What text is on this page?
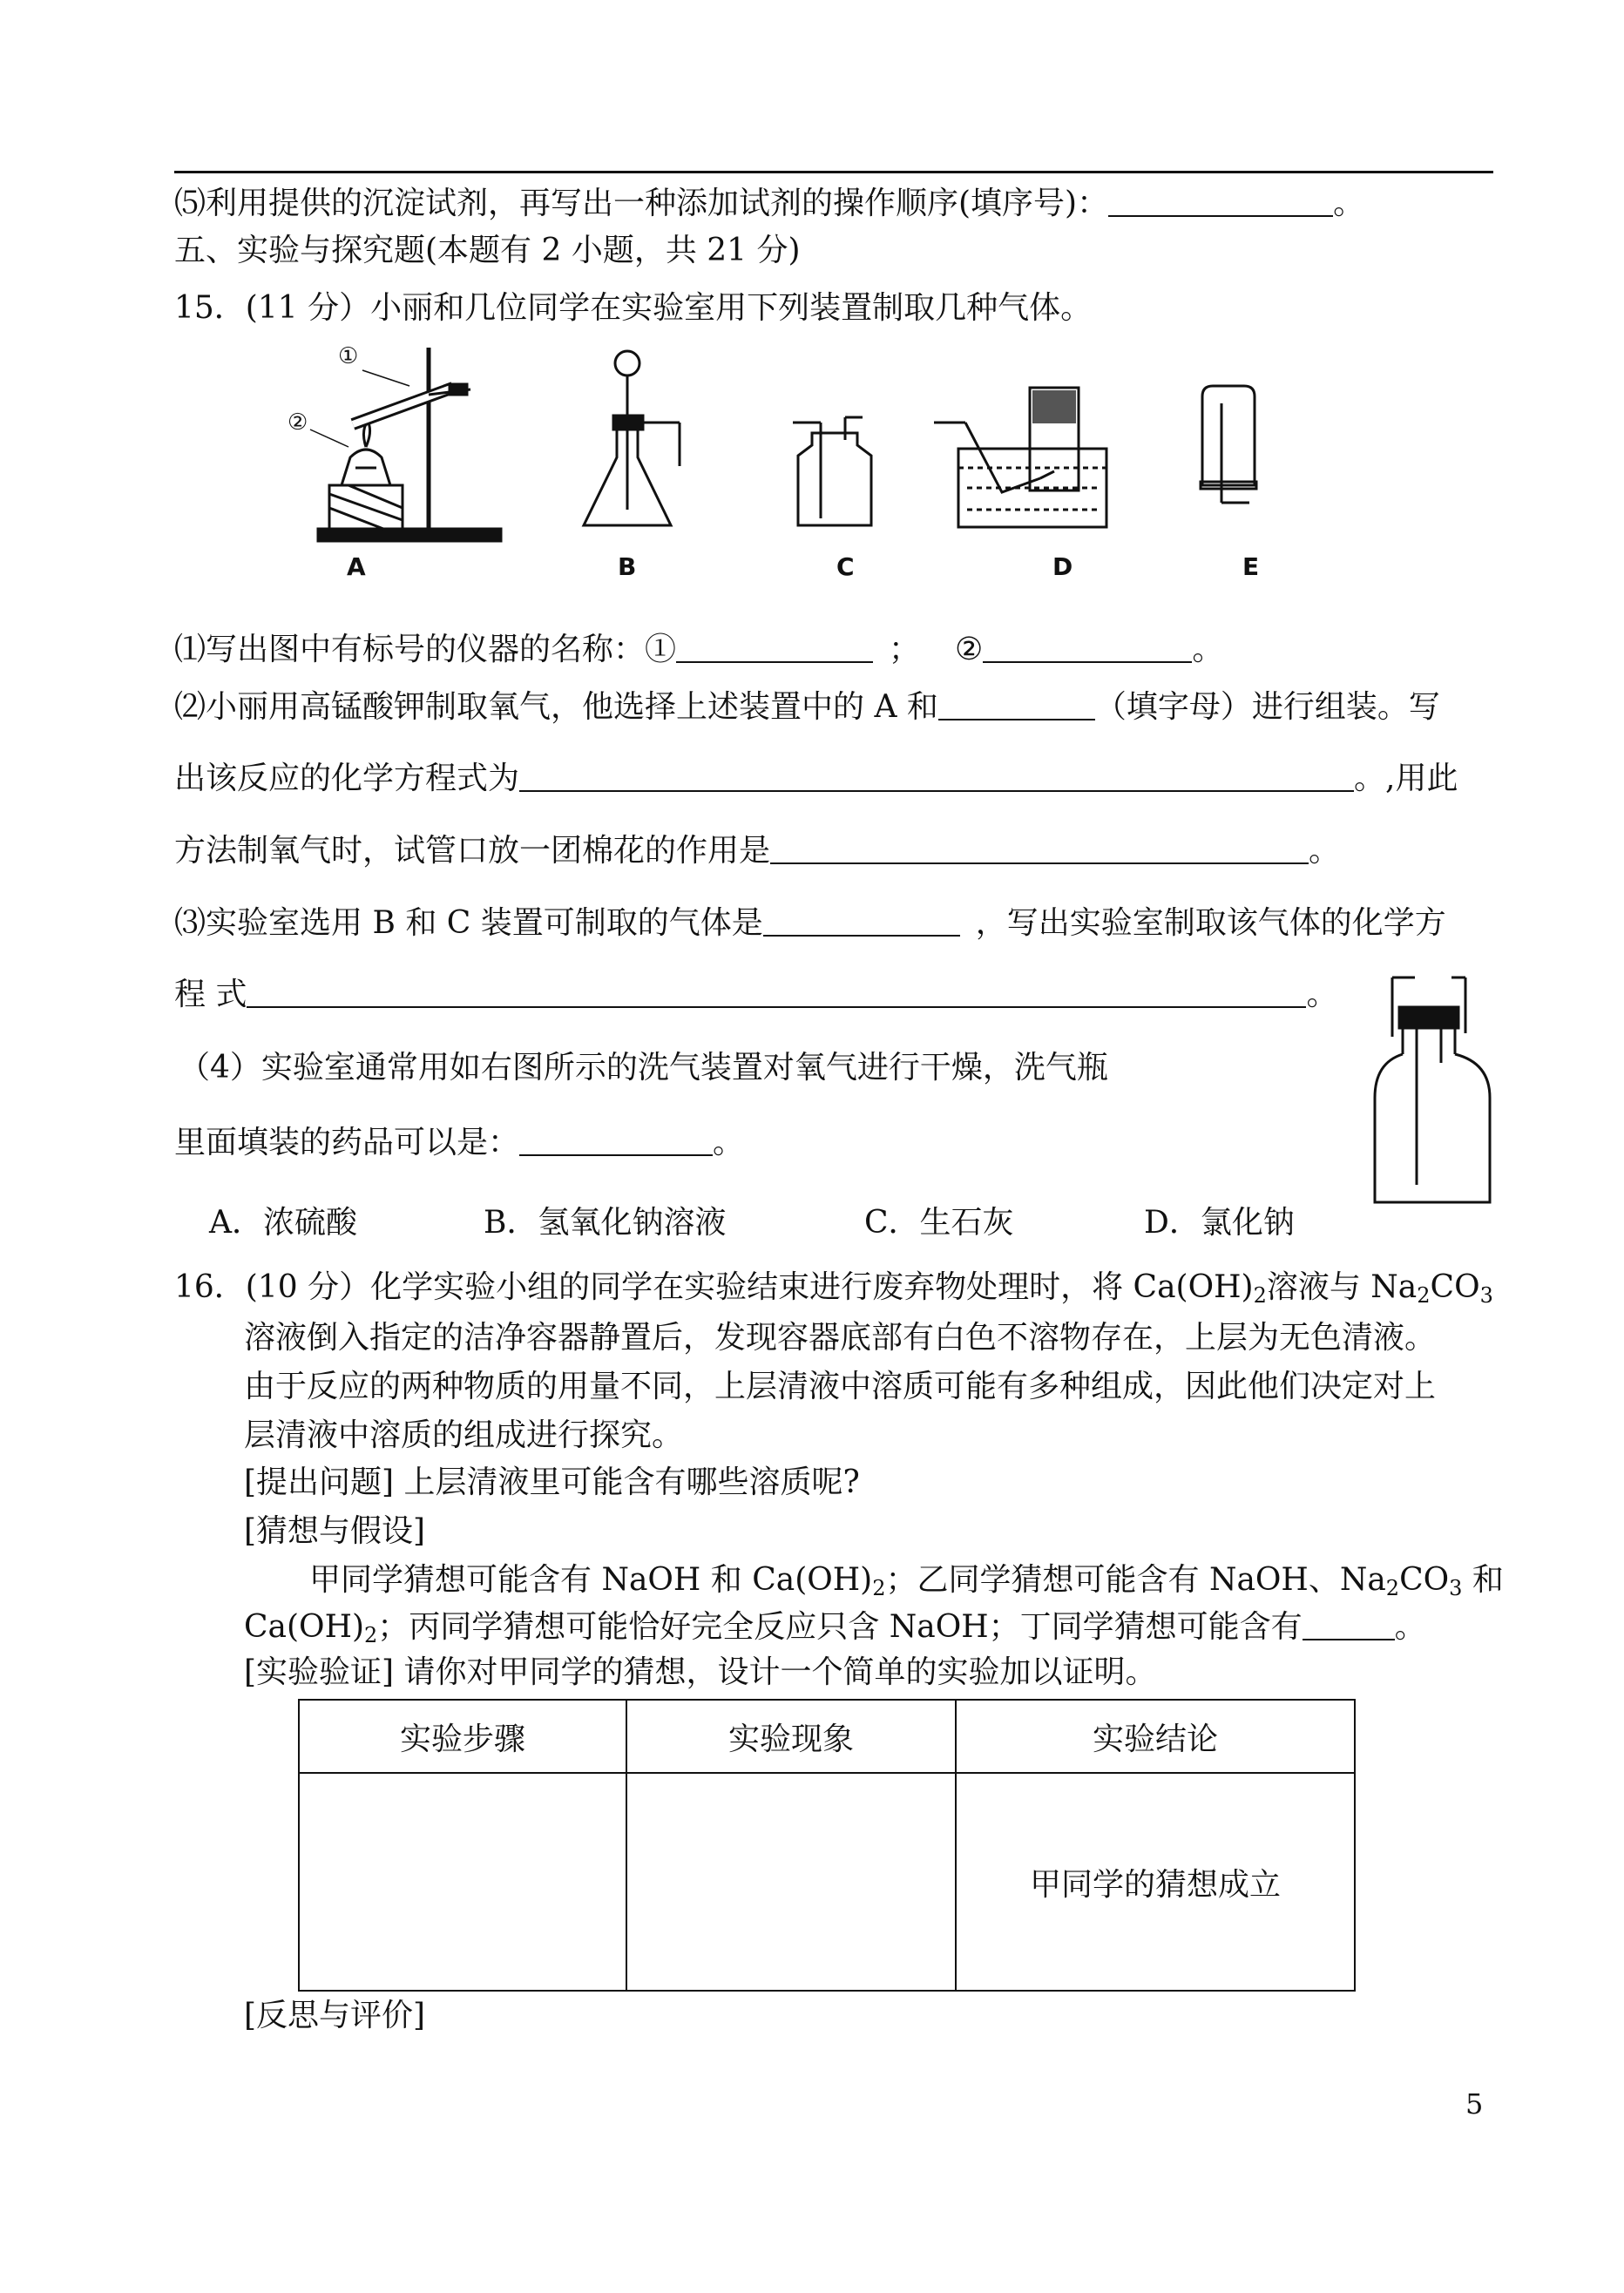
⑸利用提供的沉淀试剂，再写出一种添加试剂的操作顺序(填序号)：	。
五、实验与探究题(本题有 2 小题，共 21 分)
15．(11 分）小丽和几位同学在实验室用下列装置制取几种气体。
①
②
A	B	C	D	E
⑴写出图中有标号的仪器的名称：①	； ②	。
⑵小丽用高锰酸钾制取氧气，他选择上述装置中的 A 和	（填字母）进行组装。写
出该反应的化学方程式为	。,用此
方法制氧气时，试管口放一团棉花的作用是	。
⑶实验室选用 B 和 C 装置可制取的气体是	，写出实验室制取该气体的化学方
程 式	。
（4）实验室通常用如右图所示的洗气装置对氧气进行干燥，洗气瓶
里面填装的药品可以是：	。
A．浓硫酸	B．氢氧化钠溶液	C．生石灰	D．氯化钠
16．(10 分）化学实验小组的同学在实验结束进行废弃物处理时，将 $Ca(OH)_2$溶液与 $Na_2CO_3$
溶液倒入指定的洁净容器静置后，发现容器底部有白色不溶物存在，上层为无色清液。
由于反应的两种物质的用量不同，上层清液中溶质可能有多种组成，因此他们决定对上
层清液中溶质的组成进行探究。
[提出问题] 上层清液里可能含有哪些溶质呢?
[猜想与假设]
甲同学猜想可能含有 NaOH 和 $Ca(OH)_2$；乙同学猜想可能含有 NaOH、$Na_2CO_3$ 和
$Ca(OH)_2$；丙同学猜想可能恰好完全反应只含 NaOH；丁同学猜想可能含有	。
[实验验证] 请你对甲同学的猜想，设计一个简单的实验加以证明。
实验步骤	实验现象	实验结论
		甲同学的猜想成立
[反思与评价]
5
